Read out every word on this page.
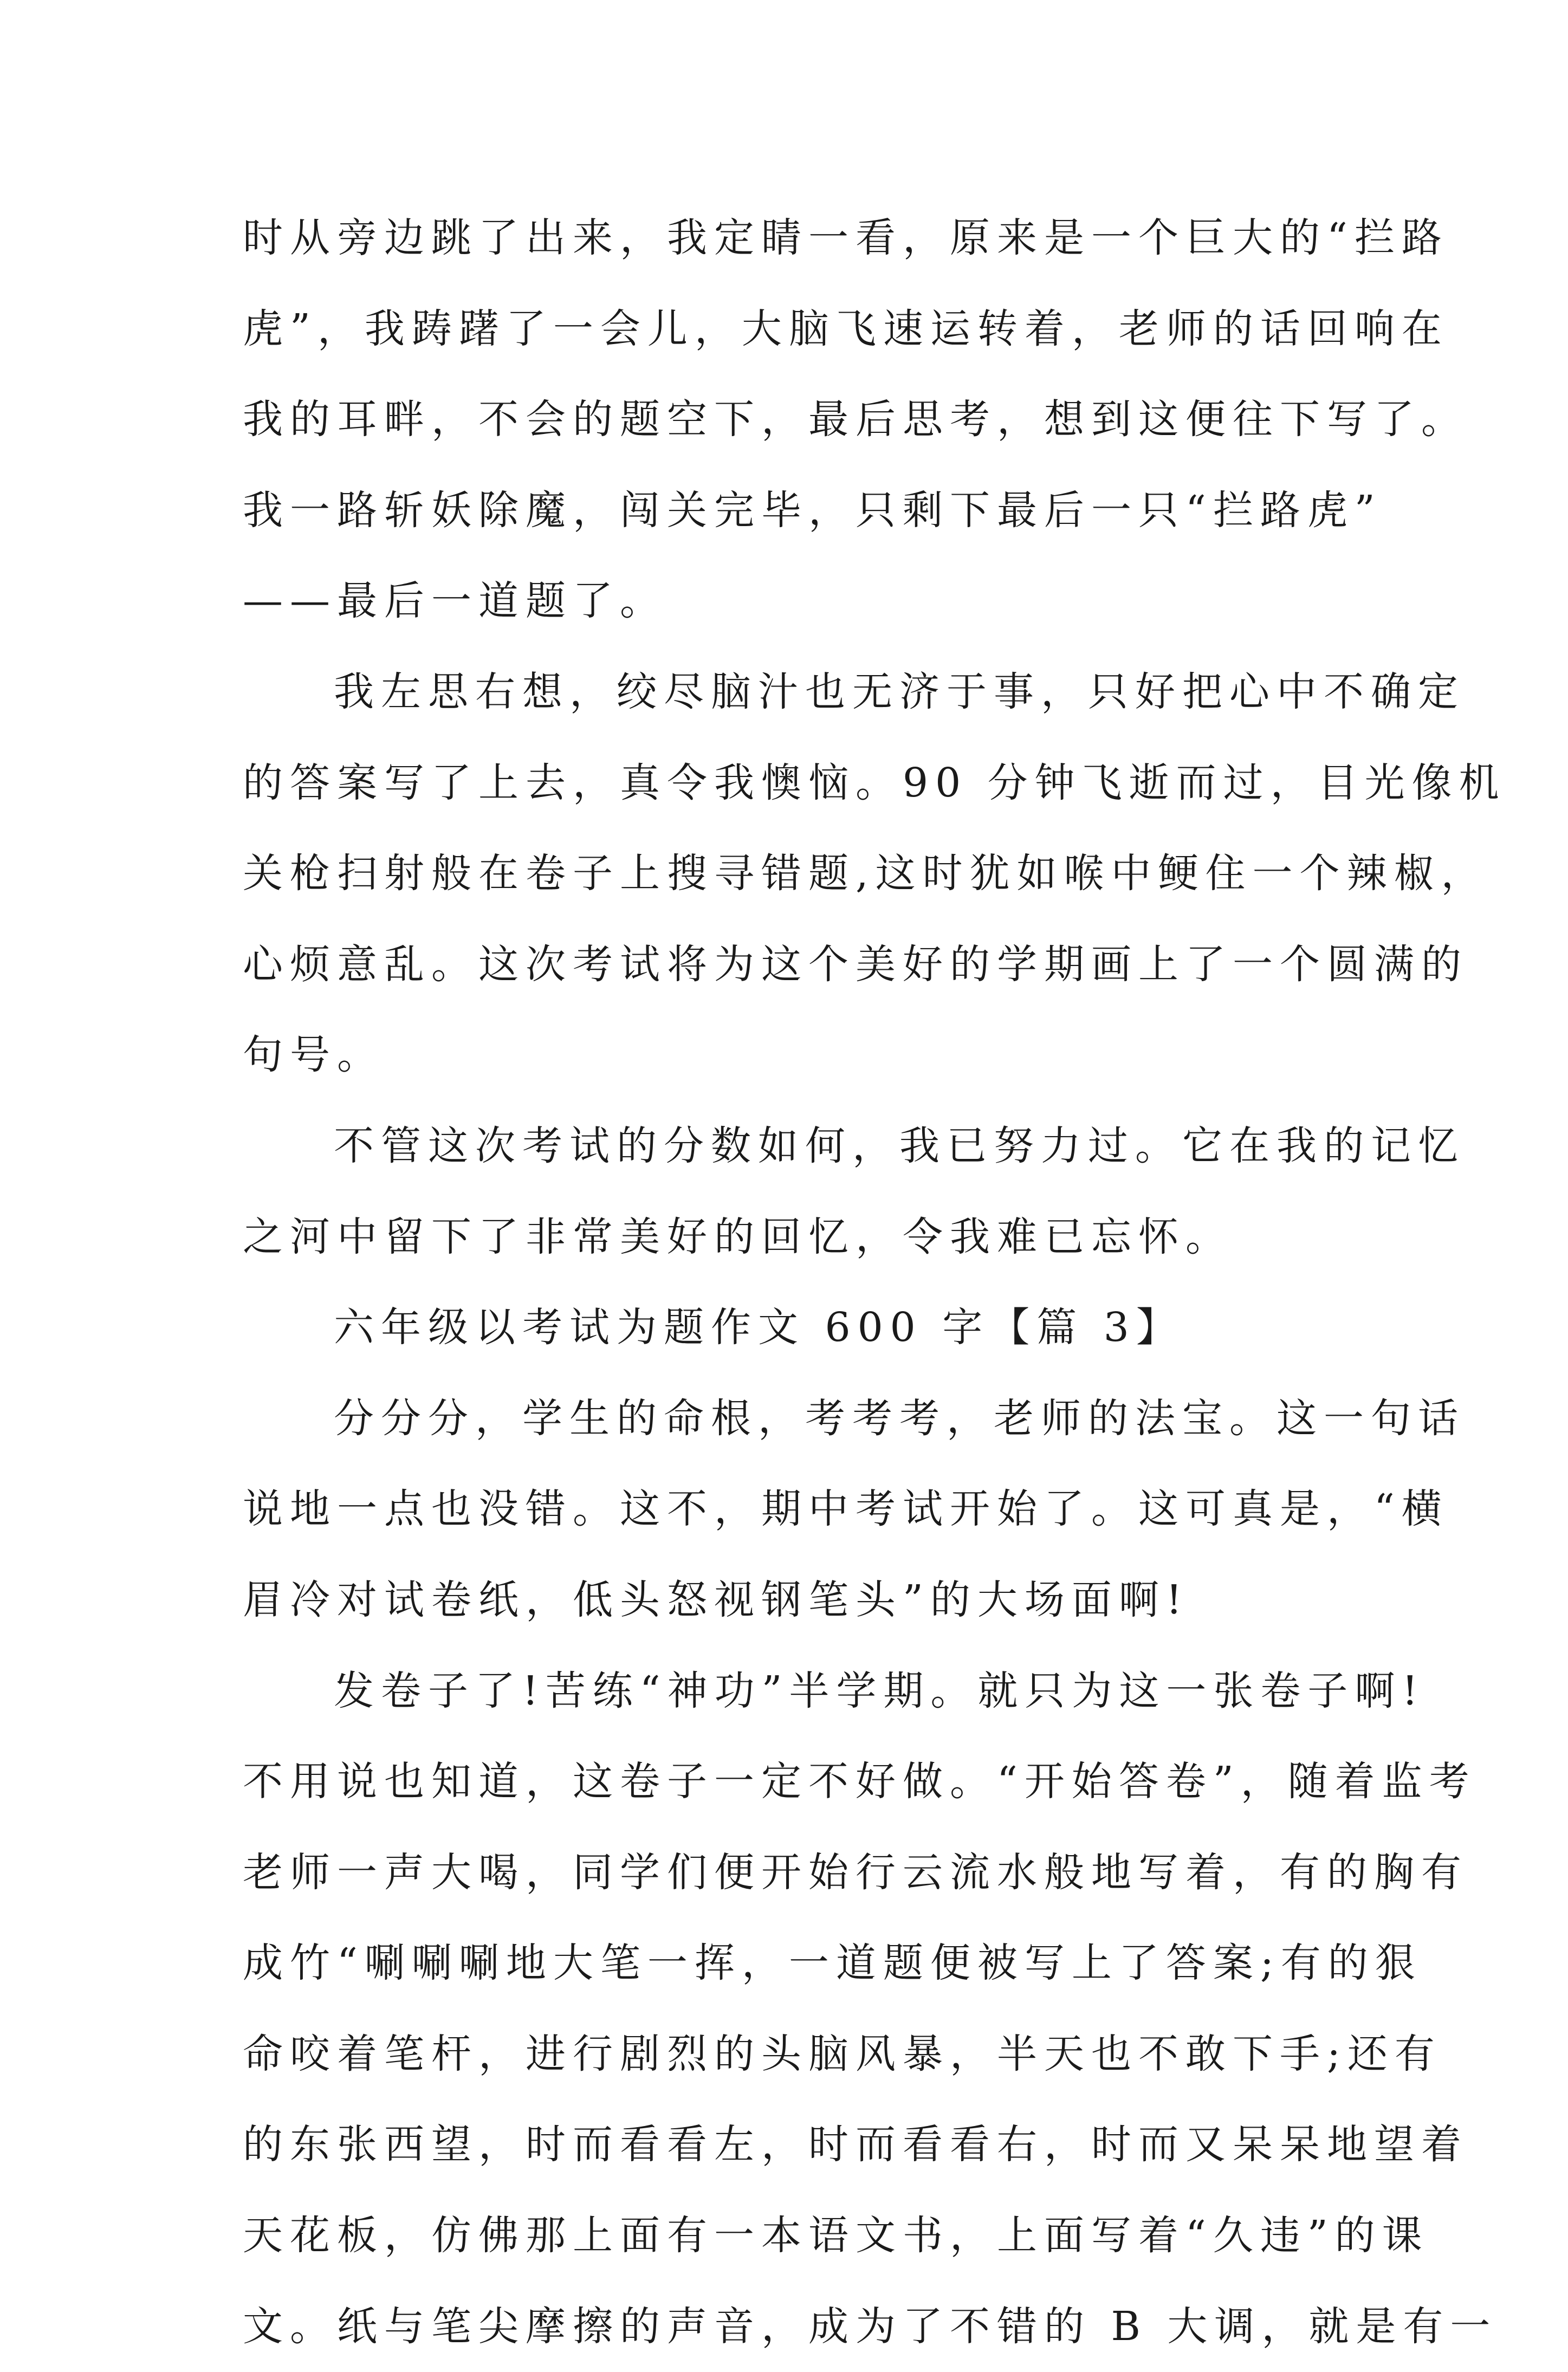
时从旁边跳了出来，我定睛一看，原来是一个巨大的“拦路
虎”，我踌躇了一会儿，大脑飞速运转着，老师的话回响在
我的耳畔，不会的题空下，最后思考，想到这便往下写了。
我一路斩妖除魔，闯关完毕，只剩下最后一只“拦路虎”
——最后一道题了。
我左思右想，绞尽脑汁也无济于事，只好把心中不确定
的答案写了上去，真令我懊恼。90 分钟飞逝而过，目光像机
关枪扫射般在卷子上搜寻错题,这时犹如喉中鲠住一个辣椒，
心烦意乱。这次考试将为这个美好的学期画上了一个圆满的
句号。
不管这次考试的分数如何，我已努力过。它在我的记忆
之河中留下了非常美好的回忆，令我难已忘怀。
六年级以考试为题作文 600 字【篇 3】
分分分，学生的命根，考考考，老师的法宝。这一句话
说地一点也没错。这不，期中考试开始了。这可真是，“横
眉冷对试卷纸，低头怒视钢笔头”的大场面啊!
发卷子了!苦练“神功”半学期。就只为这一张卷子啊!
不用说也知道，这卷子一定不好做。“开始答卷”，随着监考
老师一声大喝，同学们便开始行云流水般地写着，有的胸有
成竹“唰唰唰地大笔一挥，一道题便被写上了答案;有的狠
命咬着笔杆，进行剧烈的头脑风暴，半天也不敢下手;还有
的东张西望，时而看看左，时而看看右，时而又呆呆地望着
天花板，仿佛那上面有一本语文书，上面写着“久违”的课
文。纸与笔尖摩擦的声音，成为了不错的 B 大调，就是有一
